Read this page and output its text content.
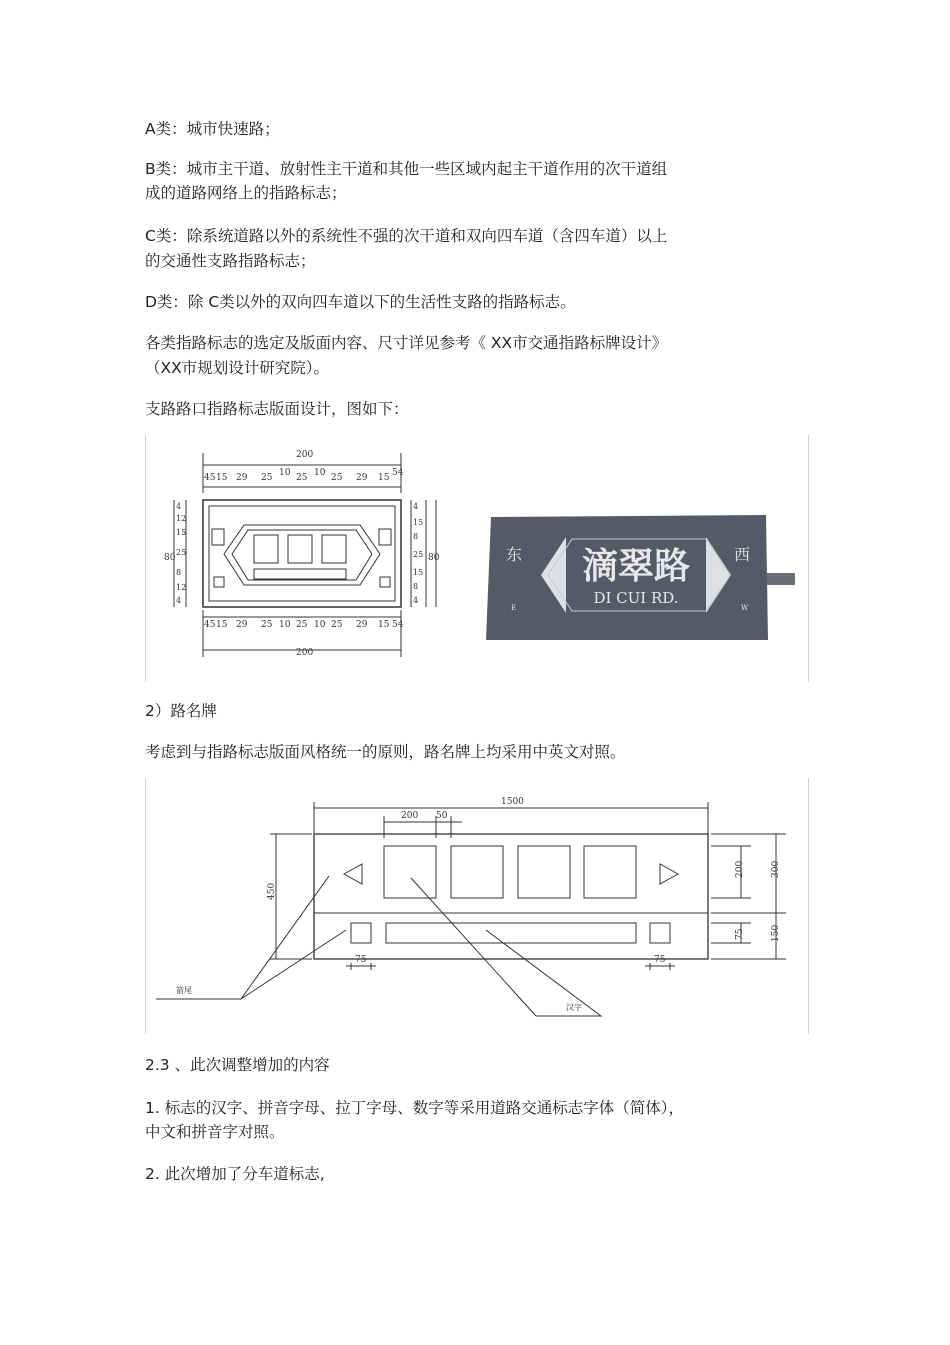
A类：城市快速路；

B类：城市主干道、放射性主干道和其他一些区域内起主干道作用的次干道组

成的道路网络上的指路标志；

C类：除系统道路以外的系统性不强的次干道和双向四车道（含四车道）以上

的交通性支路指路标志；

D类：除 C类以外的双向四车道以下的生活性支路的指路标志。

各类指路标志的选定及版面内容、尺寸详见参考《 XX市交通指路标牌设计》

（XX市规划设计研究院）。

支路路口指路标志版面设计，图如下：

200
200
80	80
45 15 29 25 10 25 10 25 29 15 54
45 15 29 25 10 25 10 25 29 15 54
4
12
15
25
8
12
4
4
15
8
25
15
8
4
滴翠路
DI CUI RD.
东	西
E	W

2）路名牌

考虑到与指路标志版面风格统一的原则，路名牌上均采用中英文对照。

1500
200 50
450
200	300
75	150
75	75
箭尾
汉字

2.3 、此次调整增加的内容

1. 标志的汉字、拼音字母、拉丁字母、数字等采用道路交通标志字体（简体），

中文和拼音字对照。

2. 此次增加了分车道标志,
